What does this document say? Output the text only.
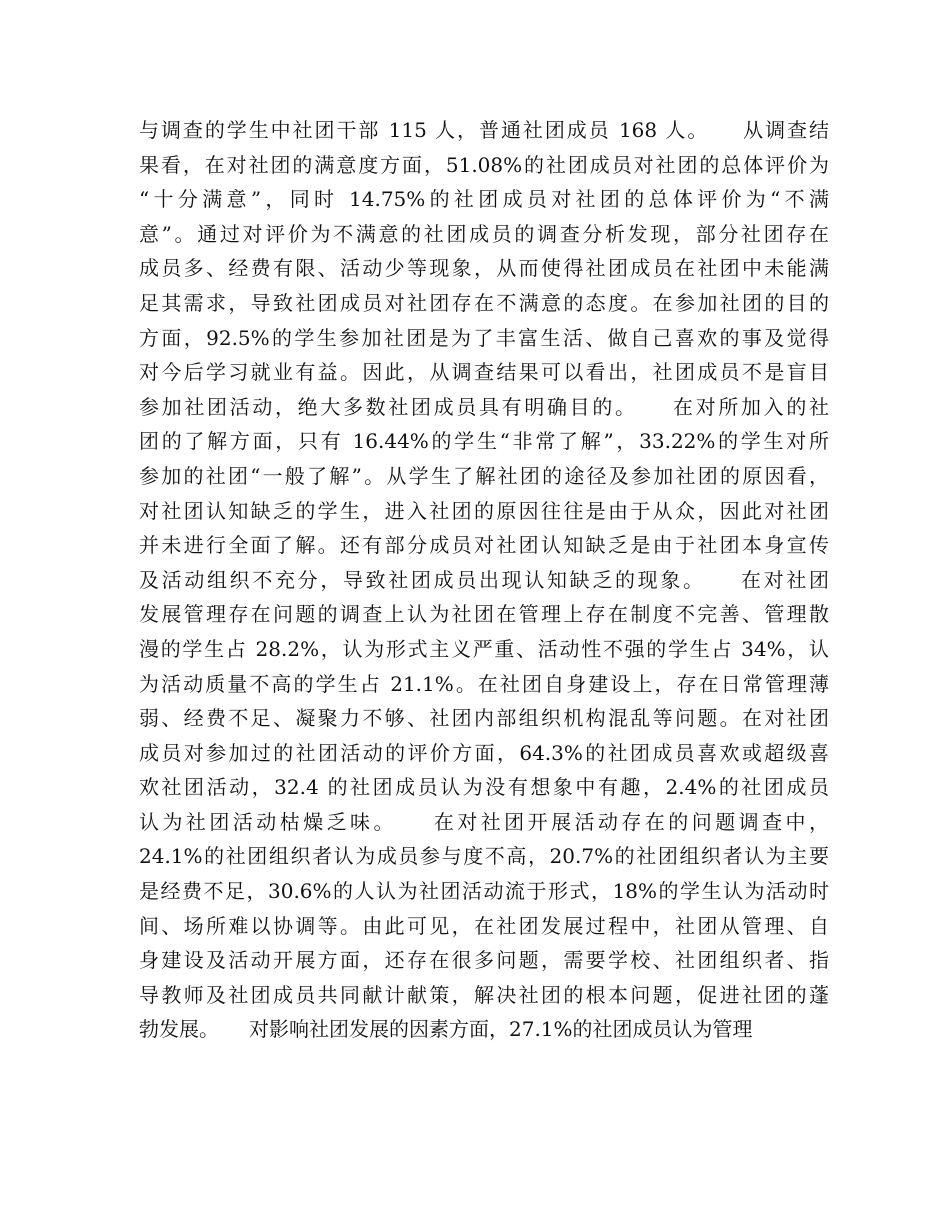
与调查的学生中社团干部 115 人，普通社团成员 168 人。　　从调查结
果看，在对社团的满意度方面，51.08%的社团成员对社团的总体评价为
“十分满意”，同时 14.75%的社团成员对社团的总体评价为“不满
意”。通过对评价为不满意的社团成员的调查分析发现，部分社团存在
成员多、经费有限、活动少等现象，从而使得社团成员在社团中未能满
足其需求，导致社团成员对社团存在不满意的态度。在参加社团的目的
方面，92.5%的学生参加社团是为了丰富生活、做自己喜欢的事及觉得
对今后学习就业有益。因此，从调查结果可以看出，社团成员不是盲目
参加社团活动，绝大多数社团成员具有明确目的。　　在对所加入的社
团的了解方面，只有 16.44%的学生“非常了解”，33.22%的学生对所
参加的社团“一般了解”。从学生了解社团的途径及参加社团的原因看，
对社团认知缺乏的学生，进入社团的原因往往是由于从众，因此对社团
并未进行全面了解。还有部分成员对社团认知缺乏是由于社团本身宣传
及活动组织不充分，导致社团成员出现认知缺乏的现象。　　在对社团
发展管理存在问题的调查上认为社团在管理上存在制度不完善、管理散
漫的学生占 28.2%，认为形式主义严重、活动性不强的学生占 34%，认
为活动质量不高的学生占 21.1%。在社团自身建设上，存在日常管理薄
弱、经费不足、凝聚力不够、社团内部组织机构混乱等问题。在对社团
成员对参加过的社团活动的评价方面，64.3%的社团成员喜欢或超级喜
欢社团活动，32.4 的社团成员认为没有想象中有趣，2.4%的社团成员
认为社团活动枯燥乏味。　　在对社团开展活动存在的问题调查中，
24.1%的社团组织者认为成员参与度不高，20.7%的社团组织者认为主要
是经费不足，30.6%的人认为社团活动流于形式，18%的学生认为活动时
间、场所难以协调等。由此可见，在社团发展过程中，社团从管理、自
身建设及活动开展方面，还存在很多问题，需要学校、社团组织者、指
导教师及社团成员共同献计献策，解决社团的根本问题，促进社团的蓬
勃发展。　　对影响社团发展的因素方面，27.1%的社团成员认为管理
